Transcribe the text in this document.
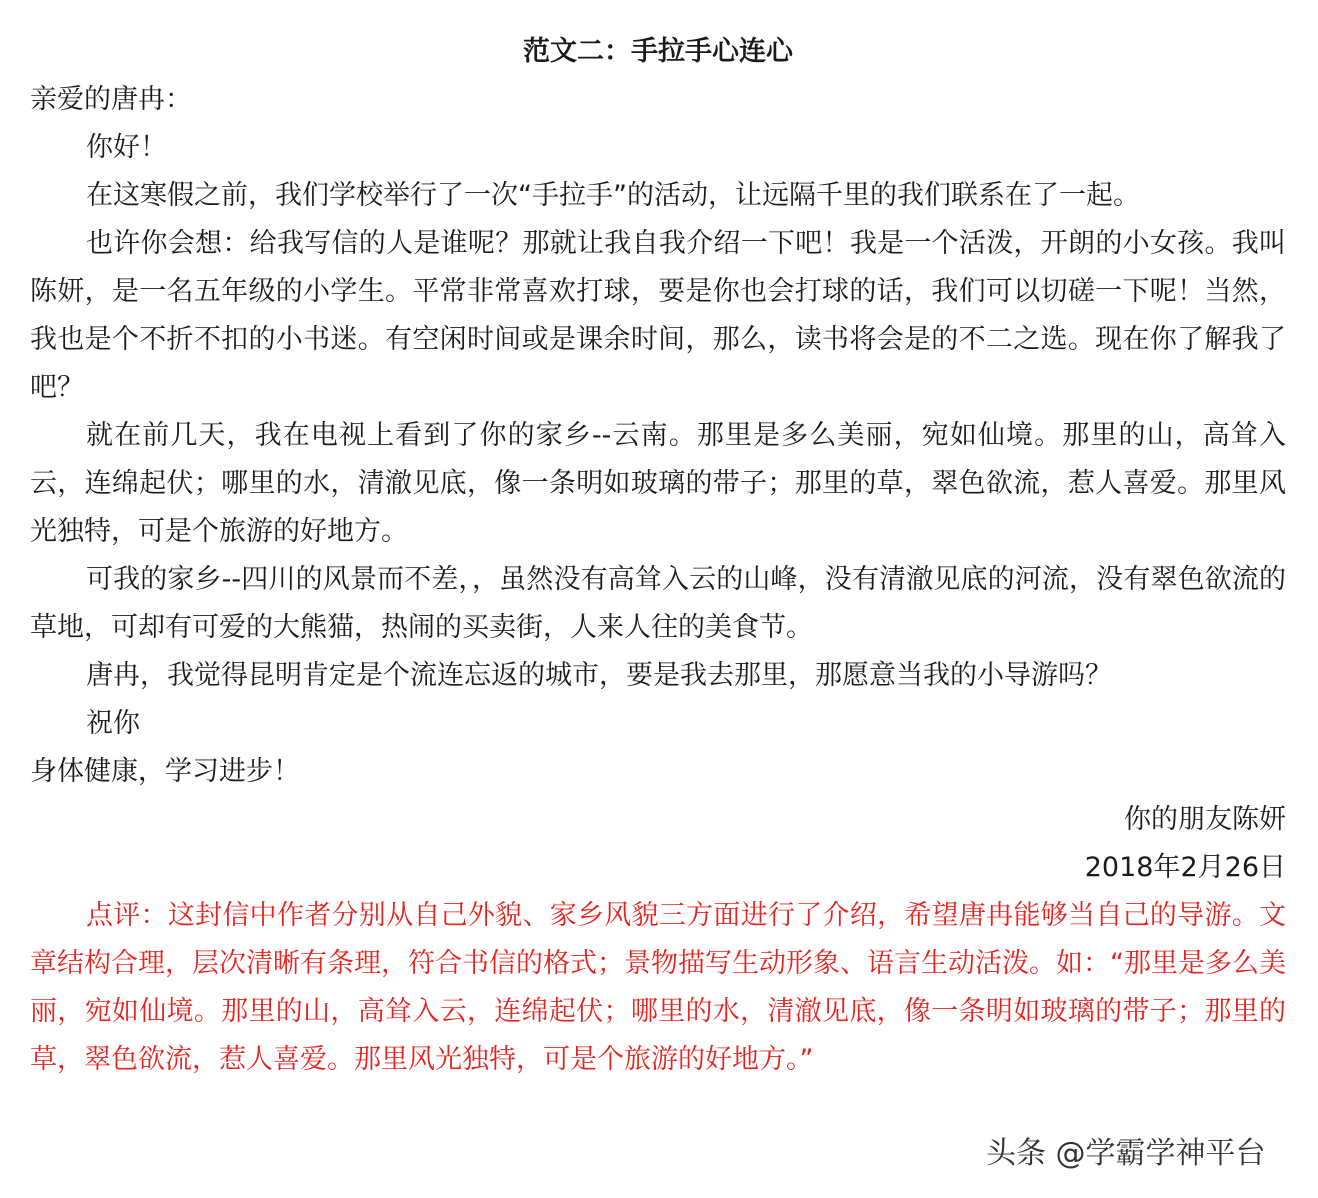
范文二：手拉手心连心

亲爱的唐冉：

你好！

在这寒假之前，我们学校举行了一次“手拉手”的活动，让远隔千里的我们联系在了一起。

也许你会想：给我写信的人是谁呢？那就让我自我介绍一下吧！我是一个活泼，开朗的小女孩。我叫陈妍，是一名五年级的小学生。平常非常喜欢打球，要是你也会打球的话，我们可以切磋一下呢！当然，我也是个不折不扣的小书迷。有空闲时间或是课余时间，那么，读书将会是的不二之选。现在你了解我了吧？

就在前几天，我在电视上看到了你的家乡--云南。那里是多么美丽，宛如仙境。那里的山，高耸入云，连绵起伏；哪里的水，清澈见底，像一条明如玻璃的带子；那里的草，翠色欲流，惹人喜爱。那里风光独特，可是个旅游的好地方。

可我的家乡--四川的风景而不差，，虽然没有高耸入云的山峰，没有清澈见底的河流，没有翠色欲流的草地，可却有可爱的大熊猫，热闹的买卖街，人来人往的美食节。

唐冉，我觉得昆明肯定是个流连忘返的城市，要是我去那里，那愿意当我的小导游吗？

祝你

身体健康，学习进步！

你的朋友陈妍

2018年2月26日

点评：这封信中作者分别从自己外貌、家乡风貌三方面进行了介绍，希望唐冉能够当自己的导游。文章结构合理，层次清晰有条理，符合书信的格式；景物描写生动形象、语言生动活泼。如：“那里是多么美丽，宛如仙境。那里的山，高耸入云，连绵起伏；哪里的水，清澈见底，像一条明如玻璃的带子；那里的草，翠色欲流，惹人喜爱。那里风光独特，可是个旅游的好地方。”

头条 @学霸学神平台
